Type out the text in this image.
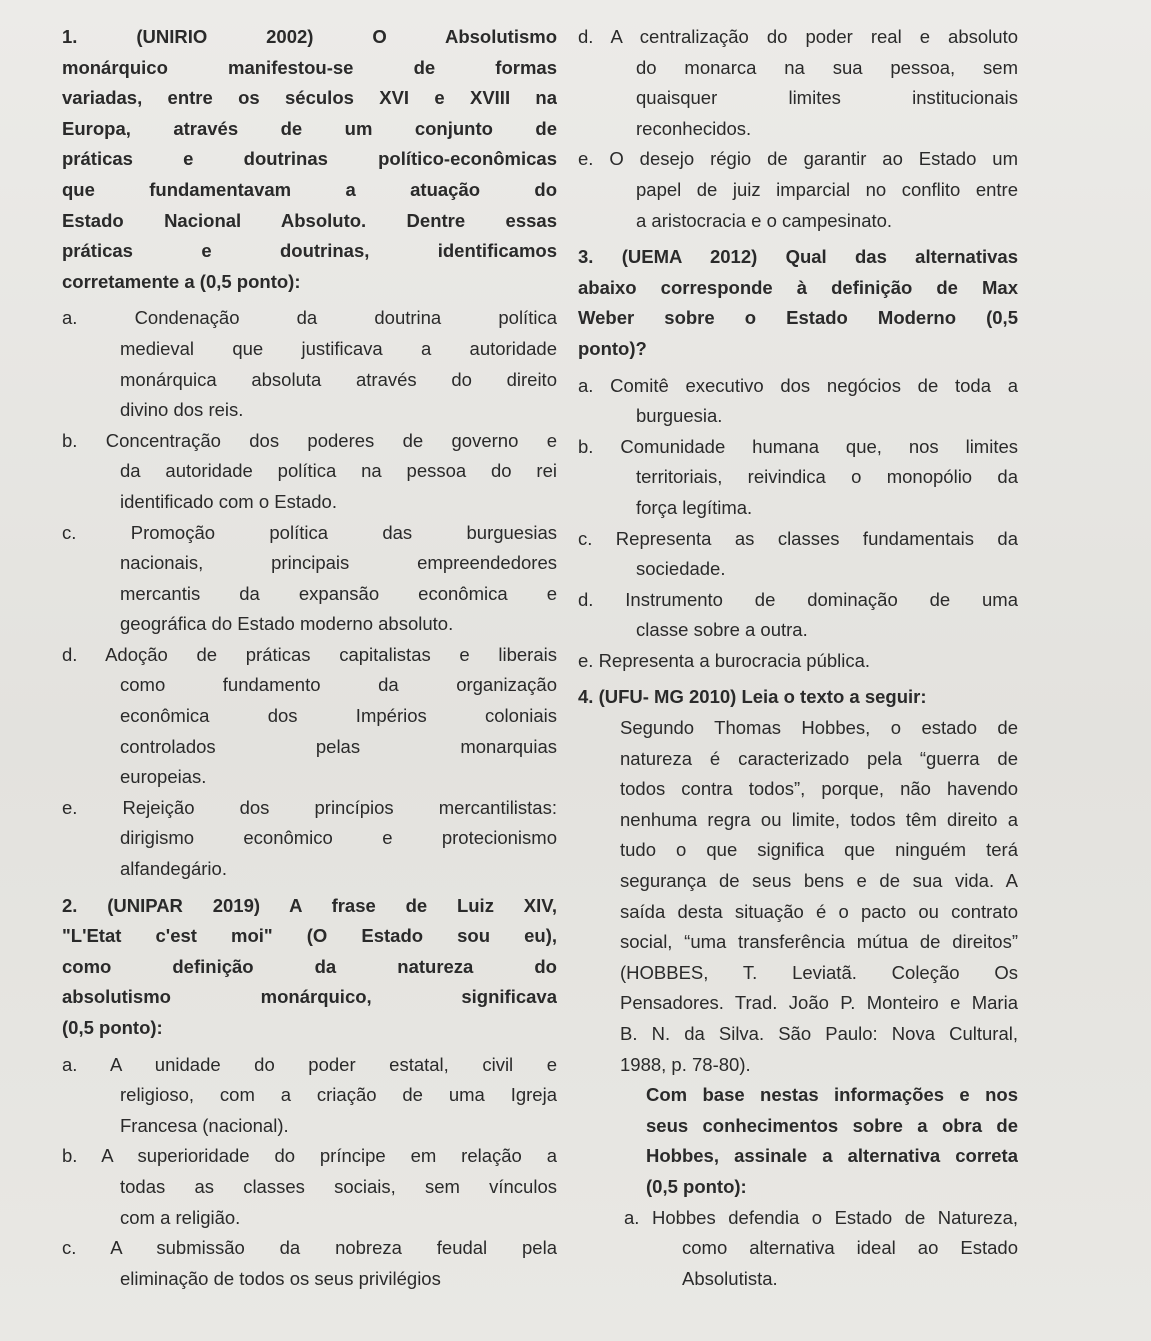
1. (UNIRIO 2002) O Absolutismo
monárquico manifestou-se de formas
variadas, entre os séculos XVI e XVIII na
Europa, através de um conjunto de
práticas e doutrinas político-econômicas
que fundamentavam a atuação do
Estado Nacional Absoluto. Dentre essas
práticas e doutrinas, identificamos
corretamente a (0,5 ponto):
a. Condenação da doutrina política
medieval que justificava a autoridade
monárquica absoluta através do direito
divino dos reis.
b. Concentração dos poderes de governo e
da autoridade política na pessoa do rei
identificado com o Estado.
c. Promoção política das burguesias
nacionais, principais empreendedores
mercantis da expansão econômica e
geográfica do Estado moderno absoluto.
d. Adoção de práticas capitalistas e liberais
como fundamento da organização
econômica dos Impérios coloniais
controlados pelas monarquias
europeias.
e. Rejeição dos princípios mercantilistas:
dirigismo econômico e protecionismo
alfandegário.
2. (UNIPAR 2019) A frase de Luiz XIV,
"L'Etat c'est moi" (O Estado sou eu),
como definição da natureza do
absolutismo monárquico, significava
(0,5 ponto):
a. A unidade do poder estatal, civil e
religioso, com a criação de uma Igreja
Francesa (nacional).
b. A superioridade do príncipe em relação a
todas as classes sociais, sem vínculos
com a religião.
c. A submissão da nobreza feudal pela
eliminação de todos os seus privilégios
d. A centralização do poder real e absoluto
do monarca na sua pessoa, sem
quaisquer limites institucionais
reconhecidos.
e. O desejo régio de garantir ao Estado um
papel de juiz imparcial no conflito entre
a aristocracia e o campesinato.
3. (UEMA 2012) Qual das alternativas
abaixo corresponde à definição de Max
Weber sobre o Estado Moderno (0,5
ponto)?
a. Comitê executivo dos negócios de toda a
burguesia.
b. Comunidade humana que, nos limites
territoriais, reivindica o monopólio da
força legítima.
c. Representa as classes fundamentais da
sociedade.
d. Instrumento de dominação de uma
classe sobre a outra.
e. Representa a burocracia pública.
4. (UFU- MG 2010) Leia o texto a seguir:
Segundo Thomas Hobbes, o estado de
natureza é caracterizado pela “guerra de
todos contra todos”, porque, não havendo
nenhuma regra ou limite, todos têm direito a
tudo o que significa que ninguém terá
segurança de seus bens e de sua vida. A
saída desta situação é o pacto ou contrato
social, “uma transferência mútua de direitos”
(HOBBES, T. Leviatã. Coleção Os
Pensadores. Trad. João P. Monteiro e Maria
B. N. da Silva. São Paulo: Nova Cultural,
1988, p. 78-80).
Com base nestas informações e nos
seus conhecimentos sobre a obra de
Hobbes, assinale a alternativa correta
(0,5 ponto):
a. Hobbes defendia o Estado de Natureza,
como alternativa ideal ao Estado
Absolutista.
